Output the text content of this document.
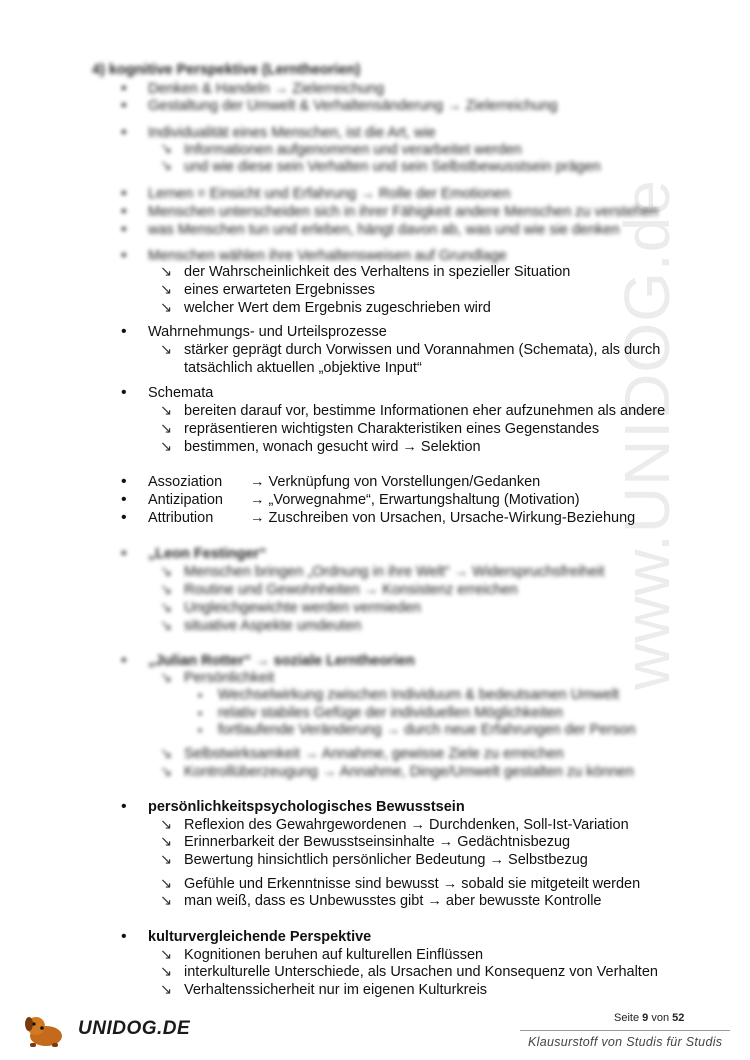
www.UNIDOG.de
4) kognitive Perspektive (Lerntheorien)
•
Denken & Handeln → Zielerreichung
•
Gestaltung der Umwelt & Verhaltensänderung → Zielerreichung
•
Individualität eines Menschen, ist die Art, wie
↘ Informationen aufgenommen und verarbeitet werden
↘ und wie diese sein Verhalten und sein Selbstbewusstsein prägen
•
Lernen = Einsicht und Erfahrung → Rolle der Emotionen
•
Menschen unterscheiden sich in ihrer Fähigkeit andere Menschen zu verstehen
•
was Menschen tun und erleben, hängt davon ab, was und wie sie denken
•
Menschen wählen ihre Verhaltensweisen auf Grundlage
↘ der Wahrscheinlichkeit des Verhaltens in spezieller Situation
↘ eines erwarteten Ergebnisses
↘ welcher Wert dem Ergebnis zugeschrieben wird
•
Wahrnehmungs- und Urteilsprozesse
↘ stärker geprägt durch Vorwissen und Vorannahmen (Schemata), als durch
tatsächlich aktuellen „objektive Input“
•
Schemata
↘ bereiten darauf vor, bestimme Informationen eher aufzunehmen als andere
↘ repräsentieren wichtigsten Charakteristiken eines Gegenstandes
↘ bestimmen, wonach gesucht wird → Selektion
•
Assoziation → Verknüpfung von Vorstellungen/Gedanken
•
Antizipation → „Vorwegnahme“, Erwartungshaltung (Motivation)
•
Attribution	→ Zuschreiben von Ursachen, Ursache-Wirkung-Beziehung
•
„Leon Festinger“
↘ Menschen bringen „Ordnung in ihre Welt“ → Widerspruchsfreiheit
↘ Routine und Gewohnheiten → Konsistenz erreichen
↘ Ungleichgewichte werden vermieden
↘ situative Aspekte umdeuten
•
„Julian Rotter“ → soziale Lerntheorien
↘ Persönlichkeit
▪
Wechselwirkung zwischen Individuum & bedeutsamen Umwelt
▪
relativ stabiles Gefüge der individuellen Möglichkeiten
▪
fortlaufende Veränderung → durch neue Erfahrungen der Person
↘ Selbstwirksamkeit → Annahme, gewisse Ziele zu erreichen
↘ Kontrollüberzeugung → Annahme, Dinge/Umwelt gestalten zu können
•
persönlichkeitspsychologisches Bewusstsein
↘ Reflexion des Gewahrgewordenen → Durchdenken, Soll-Ist-Variation
↘ Erinnerbarkeit der Bewusstseinsinhalte → Gedächtnisbezug
↘ Bewertung hinsichtlich persönlicher Bedeutung → Selbstbezug
↘ Gefühle und Erkenntnisse sind bewusst → sobald sie mitgeteilt werden
↘ man weiß, dass es Unbewusstes gibt → aber bewusste Kontrolle
•
kulturvergleichende Perspektive
↘ Kognitionen beruhen auf kulturellen Einflüssen
↘ interkulturelle Unterschiede, als Ursachen und Konsequenz von Verhalten
↘ Verhaltenssicherheit nur im eigenen Kulturkreis
Seite 9 von 52
UNIDOG.DE
Klausurstoff von Studis für Studis
